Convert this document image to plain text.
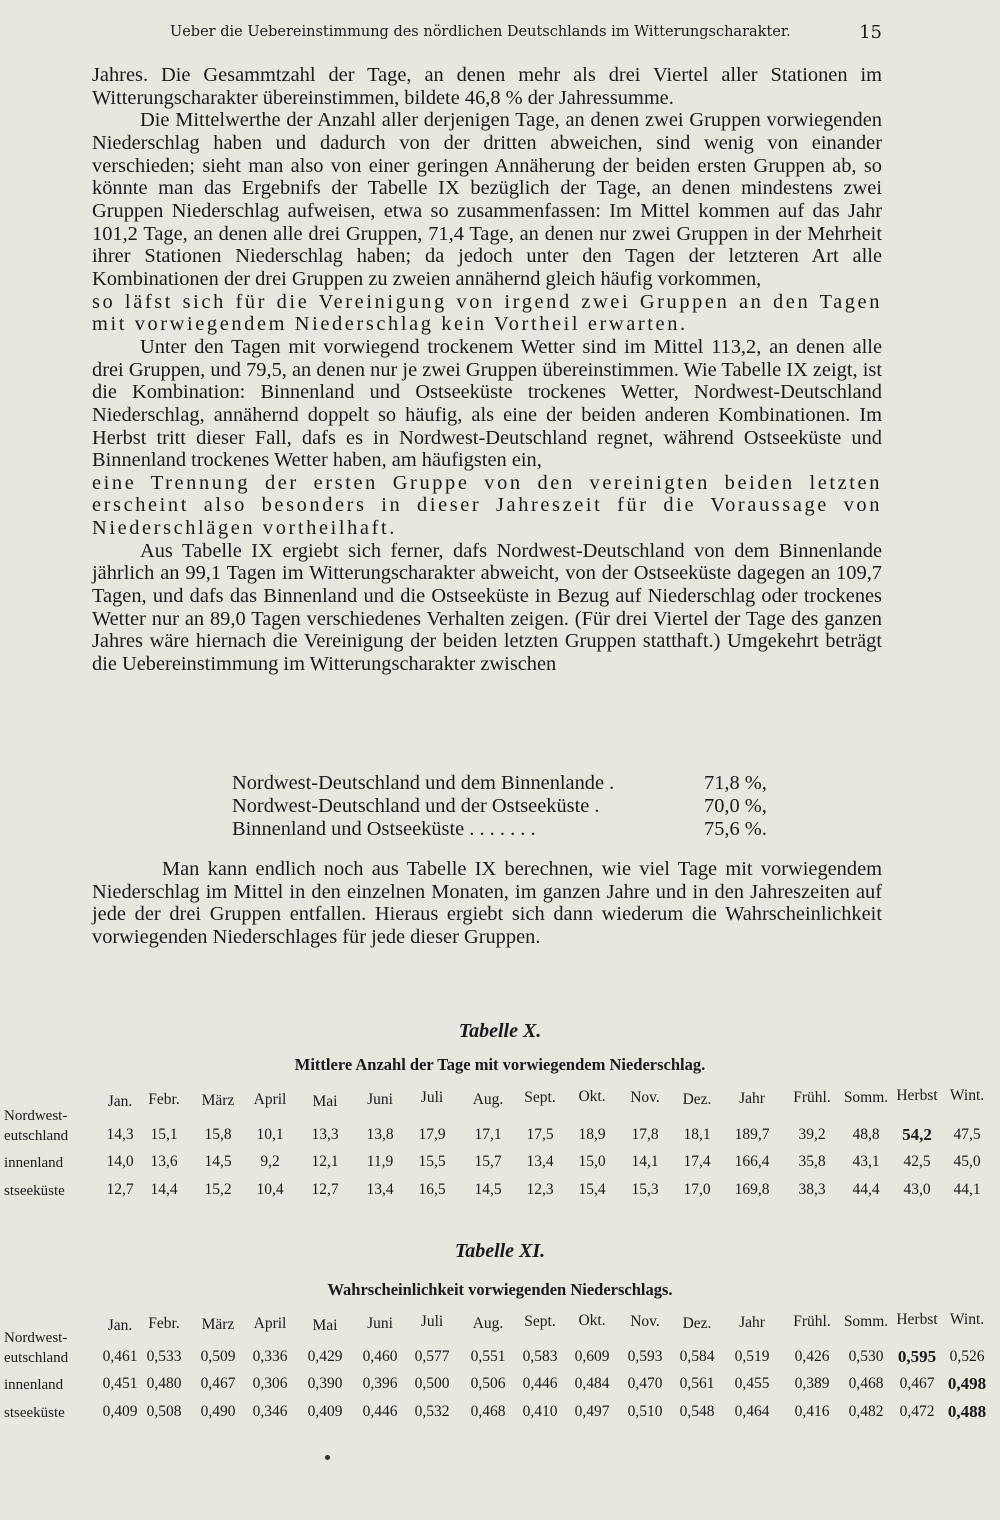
Ueber die Uebereinstimmung des nördlichen Deutschlands im Witterungscharakter.	15

Jahres. Die Gesammtzahl der Tage, an denen mehr als drei Viertel aller Stationen im Witterungscharakter übereinstimmen, bildete 46,8 % der Jahressumme.

Die Mittelwerthe der Anzahl aller derjenigen Tage, an denen zwei Gruppen vorwiegenden Niederschlag haben und dadurch von der dritten abweichen, sind wenig von einander verschieden; sieht man also von einer geringen Annäherung der beiden ersten Gruppen ab, so könnte man das Ergebnifs der Tabelle IX bezüglich der Tage, an denen mindestens zwei Gruppen Niederschlag aufweisen, etwa so zusammenfassen: Im Mittel kommen auf das Jahr 101,2 Tage, an denen alle drei Gruppen, 71,4 Tage, an denen nur zwei Gruppen in der Mehrheit ihrer Stationen Niederschlag haben; da jedoch unter den Tagen der letzteren Art alle Kombinationen der drei Gruppen zu zweien annähernd gleich häufig vorkommen,

so läfst sich für die Vereinigung von irgend zwei Gruppen an den Tagen mit vorwiegendem Niederschlag kein Vortheil erwarten.

Unter den Tagen mit vorwiegend trockenem Wetter sind im Mittel 113,2, an denen alle drei Gruppen, und 79,5, an denen nur je zwei Gruppen übereinstimmen. Wie Tabelle IX zeigt, ist die Kombination: Binnenland und Ostseeküste trockenes Wetter, Nordwest-Deutschland Niederschlag, annähernd doppelt so häufig, als eine der beiden anderen Kombinationen. Im Herbst tritt dieser Fall, dafs es in Nordwest-Deutschland regnet, während Ostseeküste und Binnenland trockenes Wetter haben, am häufigsten ein,

eine Trennung der ersten Gruppe von den vereinigten beiden letzten erscheint also besonders in dieser Jahreszeit für die Voraussage von Niederschlägen vortheilhaft.

Aus Tabelle IX ergiebt sich ferner, dafs Nordwest-Deutschland von dem Binnenlande jährlich an 99,1 Tagen im Witterungscharakter abweicht, von der Ostseeküste dagegen an 109,7 Tagen, und dafs das Binnenland und die Ostseeküste in Bezug auf Niederschlag oder trockenes Wetter nur an 89,0 Tagen verschiedenes Verhalten zeigen. (Für drei Viertel der Tage des ganzen Jahres wäre hiernach die Vereinigung der beiden letzten Gruppen statthaft.) Umgekehrt beträgt die Uebereinstimmung im Witterungscharakter zwischen

Nordwest-Deutschland und dem Binnenlande .	71,8 %,
Nordwest-Deutschland und der Ostseeküste .	70,0 %,
Binnenland und Ostseeküste . . . . . . .	75,6 %.

Man kann endlich noch aus Tabelle IX berechnen, wie viel Tage mit vorwiegendem Niederschlag im Mittel in den einzelnen Monaten, im ganzen Jahre und in den Jahreszeiten auf jede der drei Gruppen entfallen. Hieraus ergiebt sich dann wiederum die Wahrscheinlichkeit vorwiegenden Niederschlages für jede dieser Gruppen.

Tabelle X.
Mittlere Anzahl der Tage mit vorwiegendem Niederschlag.
Jan.	Febr.	März	April	Mai	Juni	Juli	Aug.	Sept.	Okt.	Nov.	Dez.	Jahr	Frühl. Somm. Herbst Wint.
Nordwest-
eutschland	14,3	15,1	15,8	10,1	13,3	13,8	17,9	17,1	17,5	18,9	17,8	18,1	189,7	39,2	48,8	54,2	47,5
innenland	14,0	13,6	14,5	9,2	12,1	11,9	15,5	15,7	13,4	15,0	14,1	17,4	166,4	35,8	43,1	42,5	45,0
stseeküste	12,7	14,4	15,2	10,4	12,7	13,4	16,5	14,5	12,3	15,4	15,3	17,0	169,8	38,3	44,4	43,0	44,1
Tabelle XI.
Wahrscheinlichkeit vorwiegenden Niederschlags.
Jan.	Febr.	März	April	Mai	Juni	Juli	Aug.	Sept.	Okt.	Nov.	Dez.	Jahr	Frühl. Somm. Herbst Wint.
Nordwest-
eutschland	0,461 0,533	0,509	0,336	0,429	0,460	0,577	0,551	0,583	0,609	0,593	0,584	0,519	0,426	0,530 0,595 0,526
innenland	0,451 0,480	0,467	0,306	0,390	0,396	0,500	0,506	0,446	0,484	0,470	0,561	0,455	0,389	0,468	0,467 0,498
stseeküste	0,409 0,508	0,490	0,346	0,409	0,446	0,532	0,468	0,410	0,497	0,510	0,548	0,464	0,416	0,482	0,472 0,488
